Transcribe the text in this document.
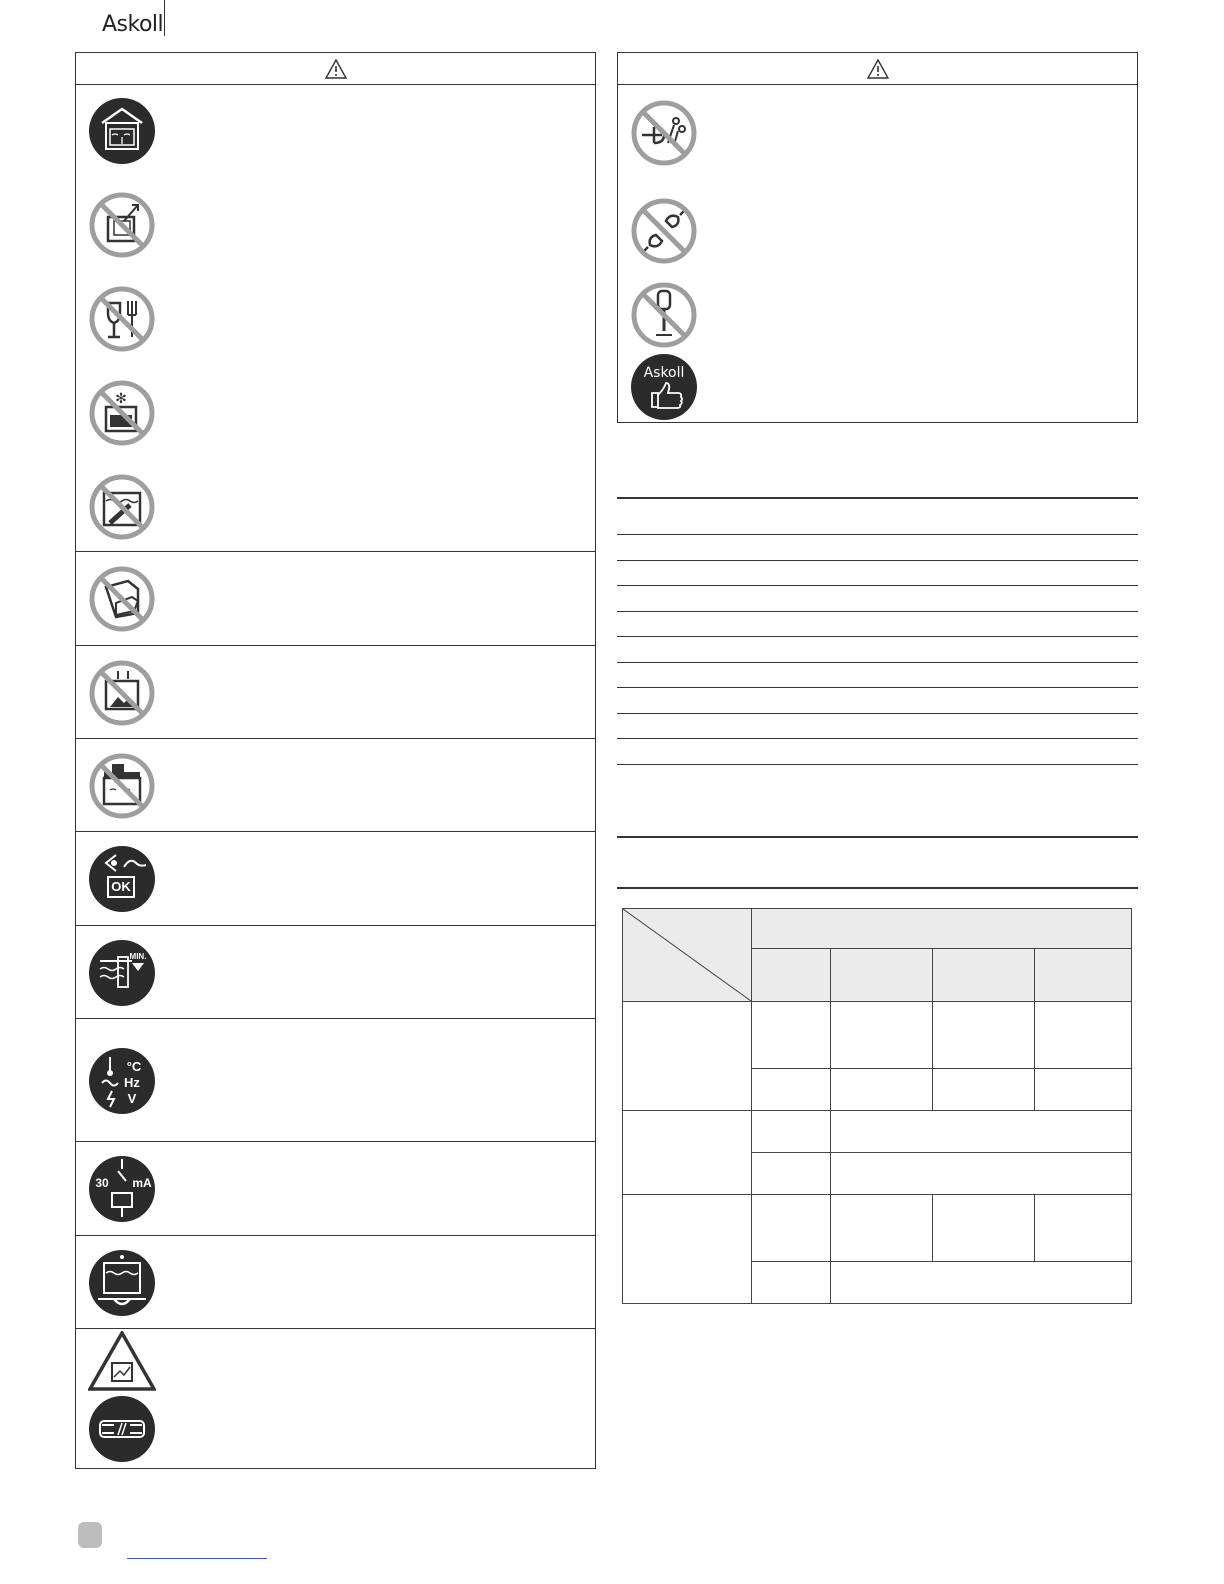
Askoll
✻
OK
MIN.
°C
Hz
V
30 mA
Askoll
